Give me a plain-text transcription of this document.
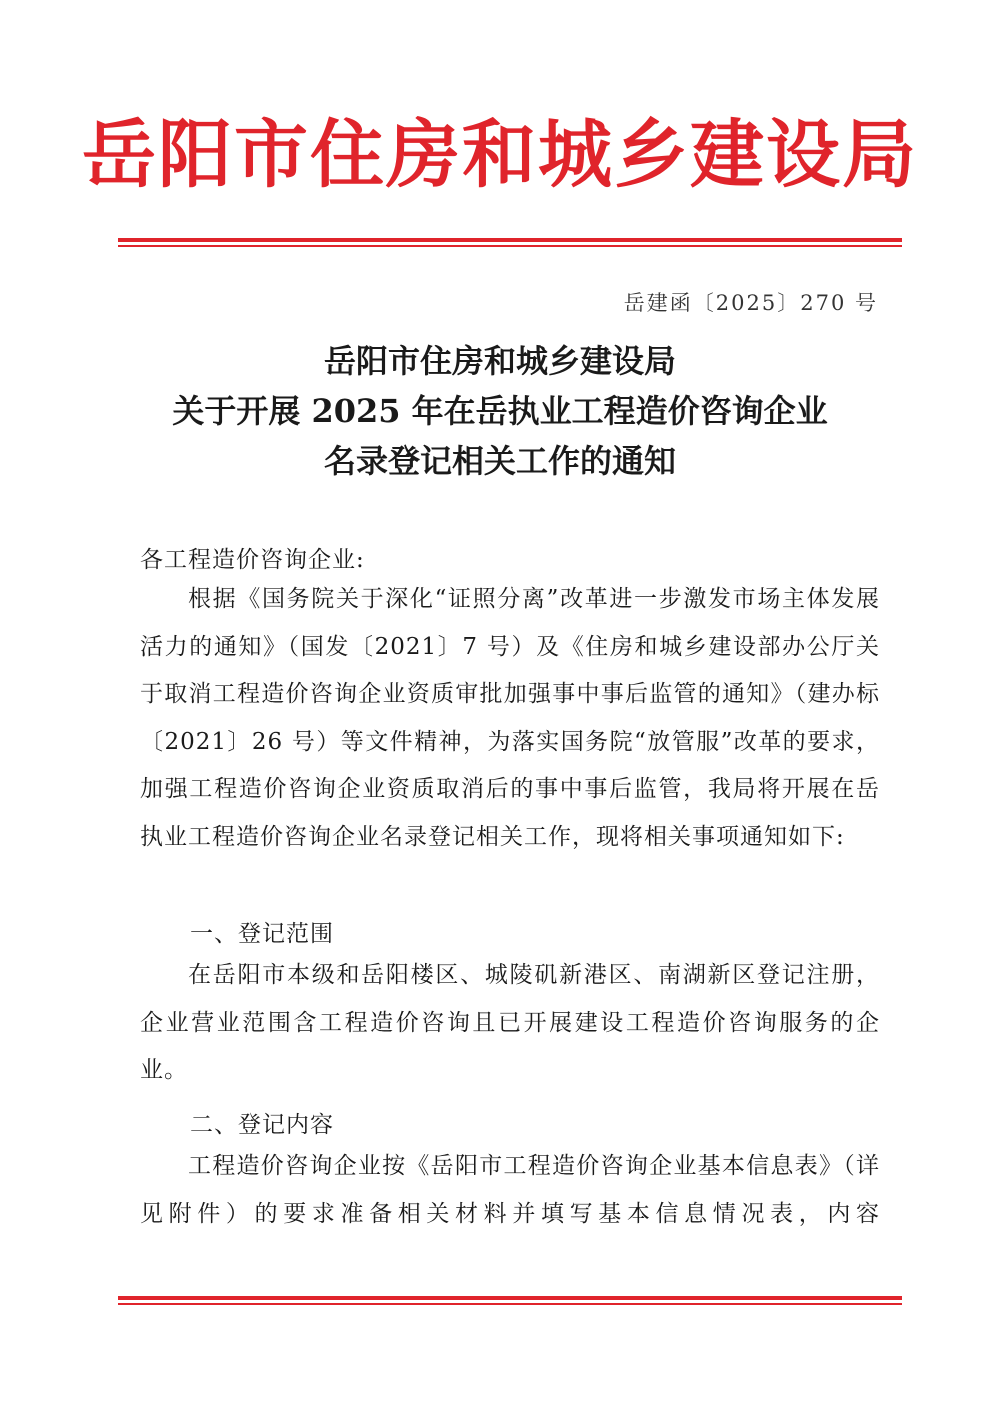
岳阳市住房和城乡建设局
岳建函〔2025〕270 号
岳阳市住房和城乡建设局
关于开展 2025 年在岳执业工程造价咨询企业
名录登记相关工作的通知
各工程造价咨询企业:
根据《国务院关于深化“证照分离”改革进一步激发市场主体发展活力的通知》（国发〔2021〕7 号）及《住房和城乡建设部办公厅关于取消工程造价咨询企业资质审批加强事中事后监管的通知》（建办标〔2021〕26 号）等文件精神，为落实国务院“放管服”改革的要求，加强工程造价咨询企业资质取消后的事中事后监管，我局将开展在岳执业工程造价咨询企业名录登记相关工作，现将相关事项通知如下:
一、登记范围
在岳阳市本级和岳阳楼区、城陵矶新港区、南湖新区登记注册，企业营业范围含工程造价咨询且已开展建设工程造价咨询服务的企业。
二、登记内容
工程造价咨询企业按《岳阳市工程造价咨询企业基本信息表》（详见附件）的要求准备相关材料并填写基本信息情况表，内容
